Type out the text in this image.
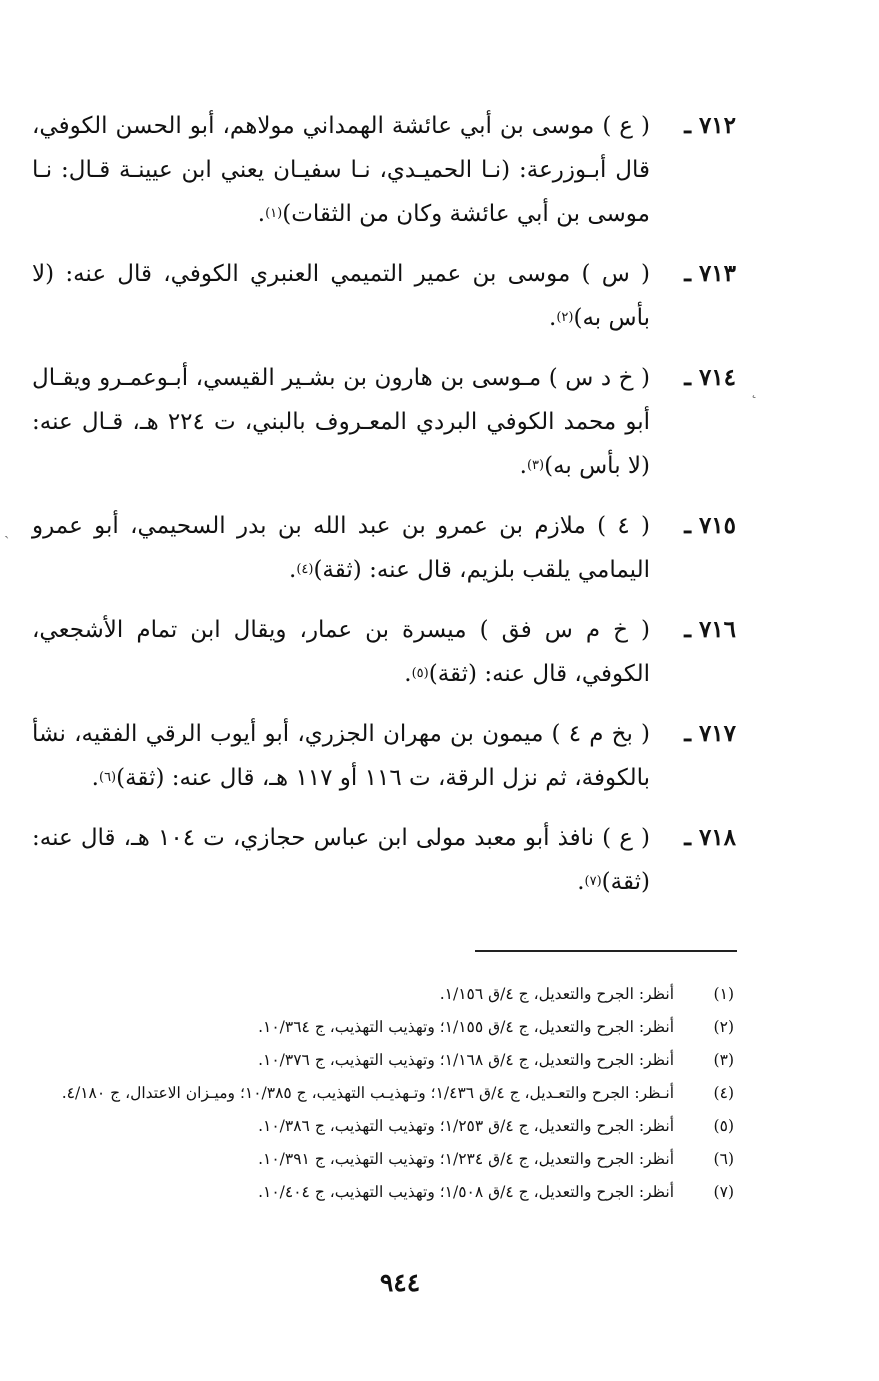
٧١٢ ـ
( ع ) موسى بن أبي عائشة الهمداني مولاهم، أبو الحسن الكوفي، قال أبـوزرعة: (نـا الحميـدي، نـا سفيـان يعني ابن عيينـة قـال: نـا موسى بن أبي عائشة وكان من الثقات)$^{(١)}$.

٧١٣ ـ
( س ) موسى بن عمير التميمي العنبري الكوفي، قال عنه: (لا بأس به)$^{(٢)}$.

٧١٤ ـ
( خ د س ) مـوسى بن هارون بن بشـير القيسي، أبـوعمـرو ويقـال أبو محمد الكوفي البردي المعـروف بالبني، ت ٢٢٤ هـ، قـال عنه: (لا بأس به)$^{(٣)}$.

٧١٥ ـ
( ٤ ) ملازم بن عمرو بن عبد الله بن بدر السحيمي، أبو عمرو اليمامي يلقب بلزيم، قال عنه: (ثقة)$^{(٤)}$.

٧١٦ ـ
( خ م س فق ) ميسرة بن عمار، ويقال ابن تمام الأشجعي، الكوفي، قال عنه: (ثقة)$^{(٥)}$.

٧١٧ ـ
( بخ م ٤ ) ميمون بن مهران الجزري، أبو أيوب الرقي الفقيه، نشأ بالكوفة، ثم نزل الرقة، ت ١١٦ أو ١١٧ هـ، قال عنه: (ثقة)$^{(٦)}$.

٧١٨ ـ
( ع ) نافذ أبو معبد مولى ابن عباس حجازي، ت ١٠٤ هـ، قال عنه: (ثقة)$^{(٧)}$.

(١)
أنظر: الجرح والتعديل، ج ٤/ق ١/١٥٦.
(٢)
أنظر: الجرح والتعديل، ج ٤/ق ١/١٥٥؛ وتهذيب التهذيب، ج ١٠/٣٦٤.
(٣)
أنظر: الجرح والتعديل، ج ٤/ق ١/١٦٨؛ وتهذيب التهذيب، ج ١٠/٣٧٦.
(٤)
أنـظر: الجرح والتعـديل، ج ٤/ق ١/٤٣٦؛ وتـهذيـب التهذيب، ج ١٠/٣٨٥؛ وميـزان الاعتدال، ج ٤/١٨٠.
(٥)
أنظر: الجرح والتعديل، ج ٤/ق ١/٢٥٣؛ وتهذيب التهذيب، ج ١٠/٣٨٦.
(٦)
أنظر: الجرح والتعديل، ج ٤/ق ١/٢٣٤؛ وتهذيب التهذيب، ج ١٠/٣٩١.
(٧)
أنظر: الجرح والتعديل، ج ٤/ق ١/٥٠٨؛ وتهذيب التهذيب، ج ١٠/٤٠٤.
٩٤٤
˛
ˏ
